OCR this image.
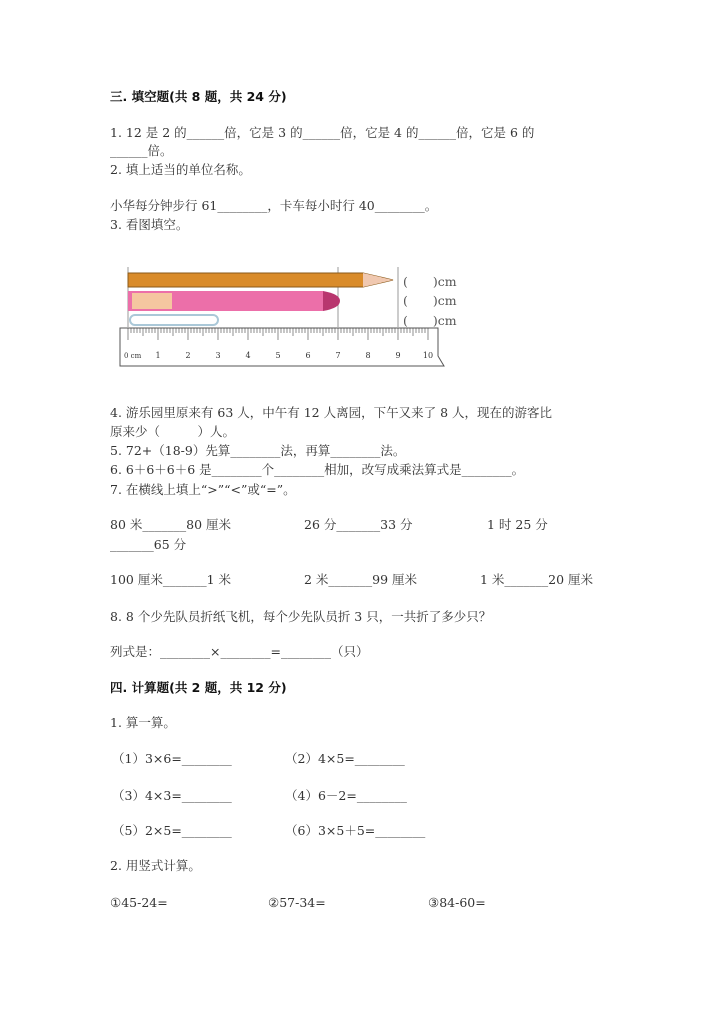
三. 填空题(共 8 题，共 24 分)
1. 12 是 2 的______倍，它是 3 的______倍，它是 4 的______倍，它是 6 的
______倍。
2. 填上适当的单位名称。
小华每分钟步行 61________，卡车每小时行 40________。
3. 看图填空。
0 cm 1	2	3	4	5	6	7	8	9	10
(　　)cm
(　　)cm
(　　)cm
4. 游乐园里原来有 63 人，中午有 12 人离园，下午又来了 8 人，现在的游客比
原来少（　　　）人。
5. 72+（18-9）先算________法，再算________法。
6. 6＋6＋6＋6 是________个________相加，改写成乘法算式是________。
7. 在横线上填上“>”“<”或“=”。
80 米_______80 厘米	26 分_______33 分	1 时 25 分
_______65 分
100 厘米_______1 米	2 米_______99 厘米	1 米_______20 厘米
8. 8 个少先队员折纸飞机，每个少先队员折 3 只，一共折了多少只？
列式是：________×________=________（只）
四. 计算题(共 2 题，共 12 分)
1. 算一算。
（1）3×6=________	（2）4×5=________
（3）4×3=________	（4）6－2=________
（5）2×5=________	（6）3×5＋5=________
2. 用竖式计算。
①45-24=	②57-34=	③84-60=
